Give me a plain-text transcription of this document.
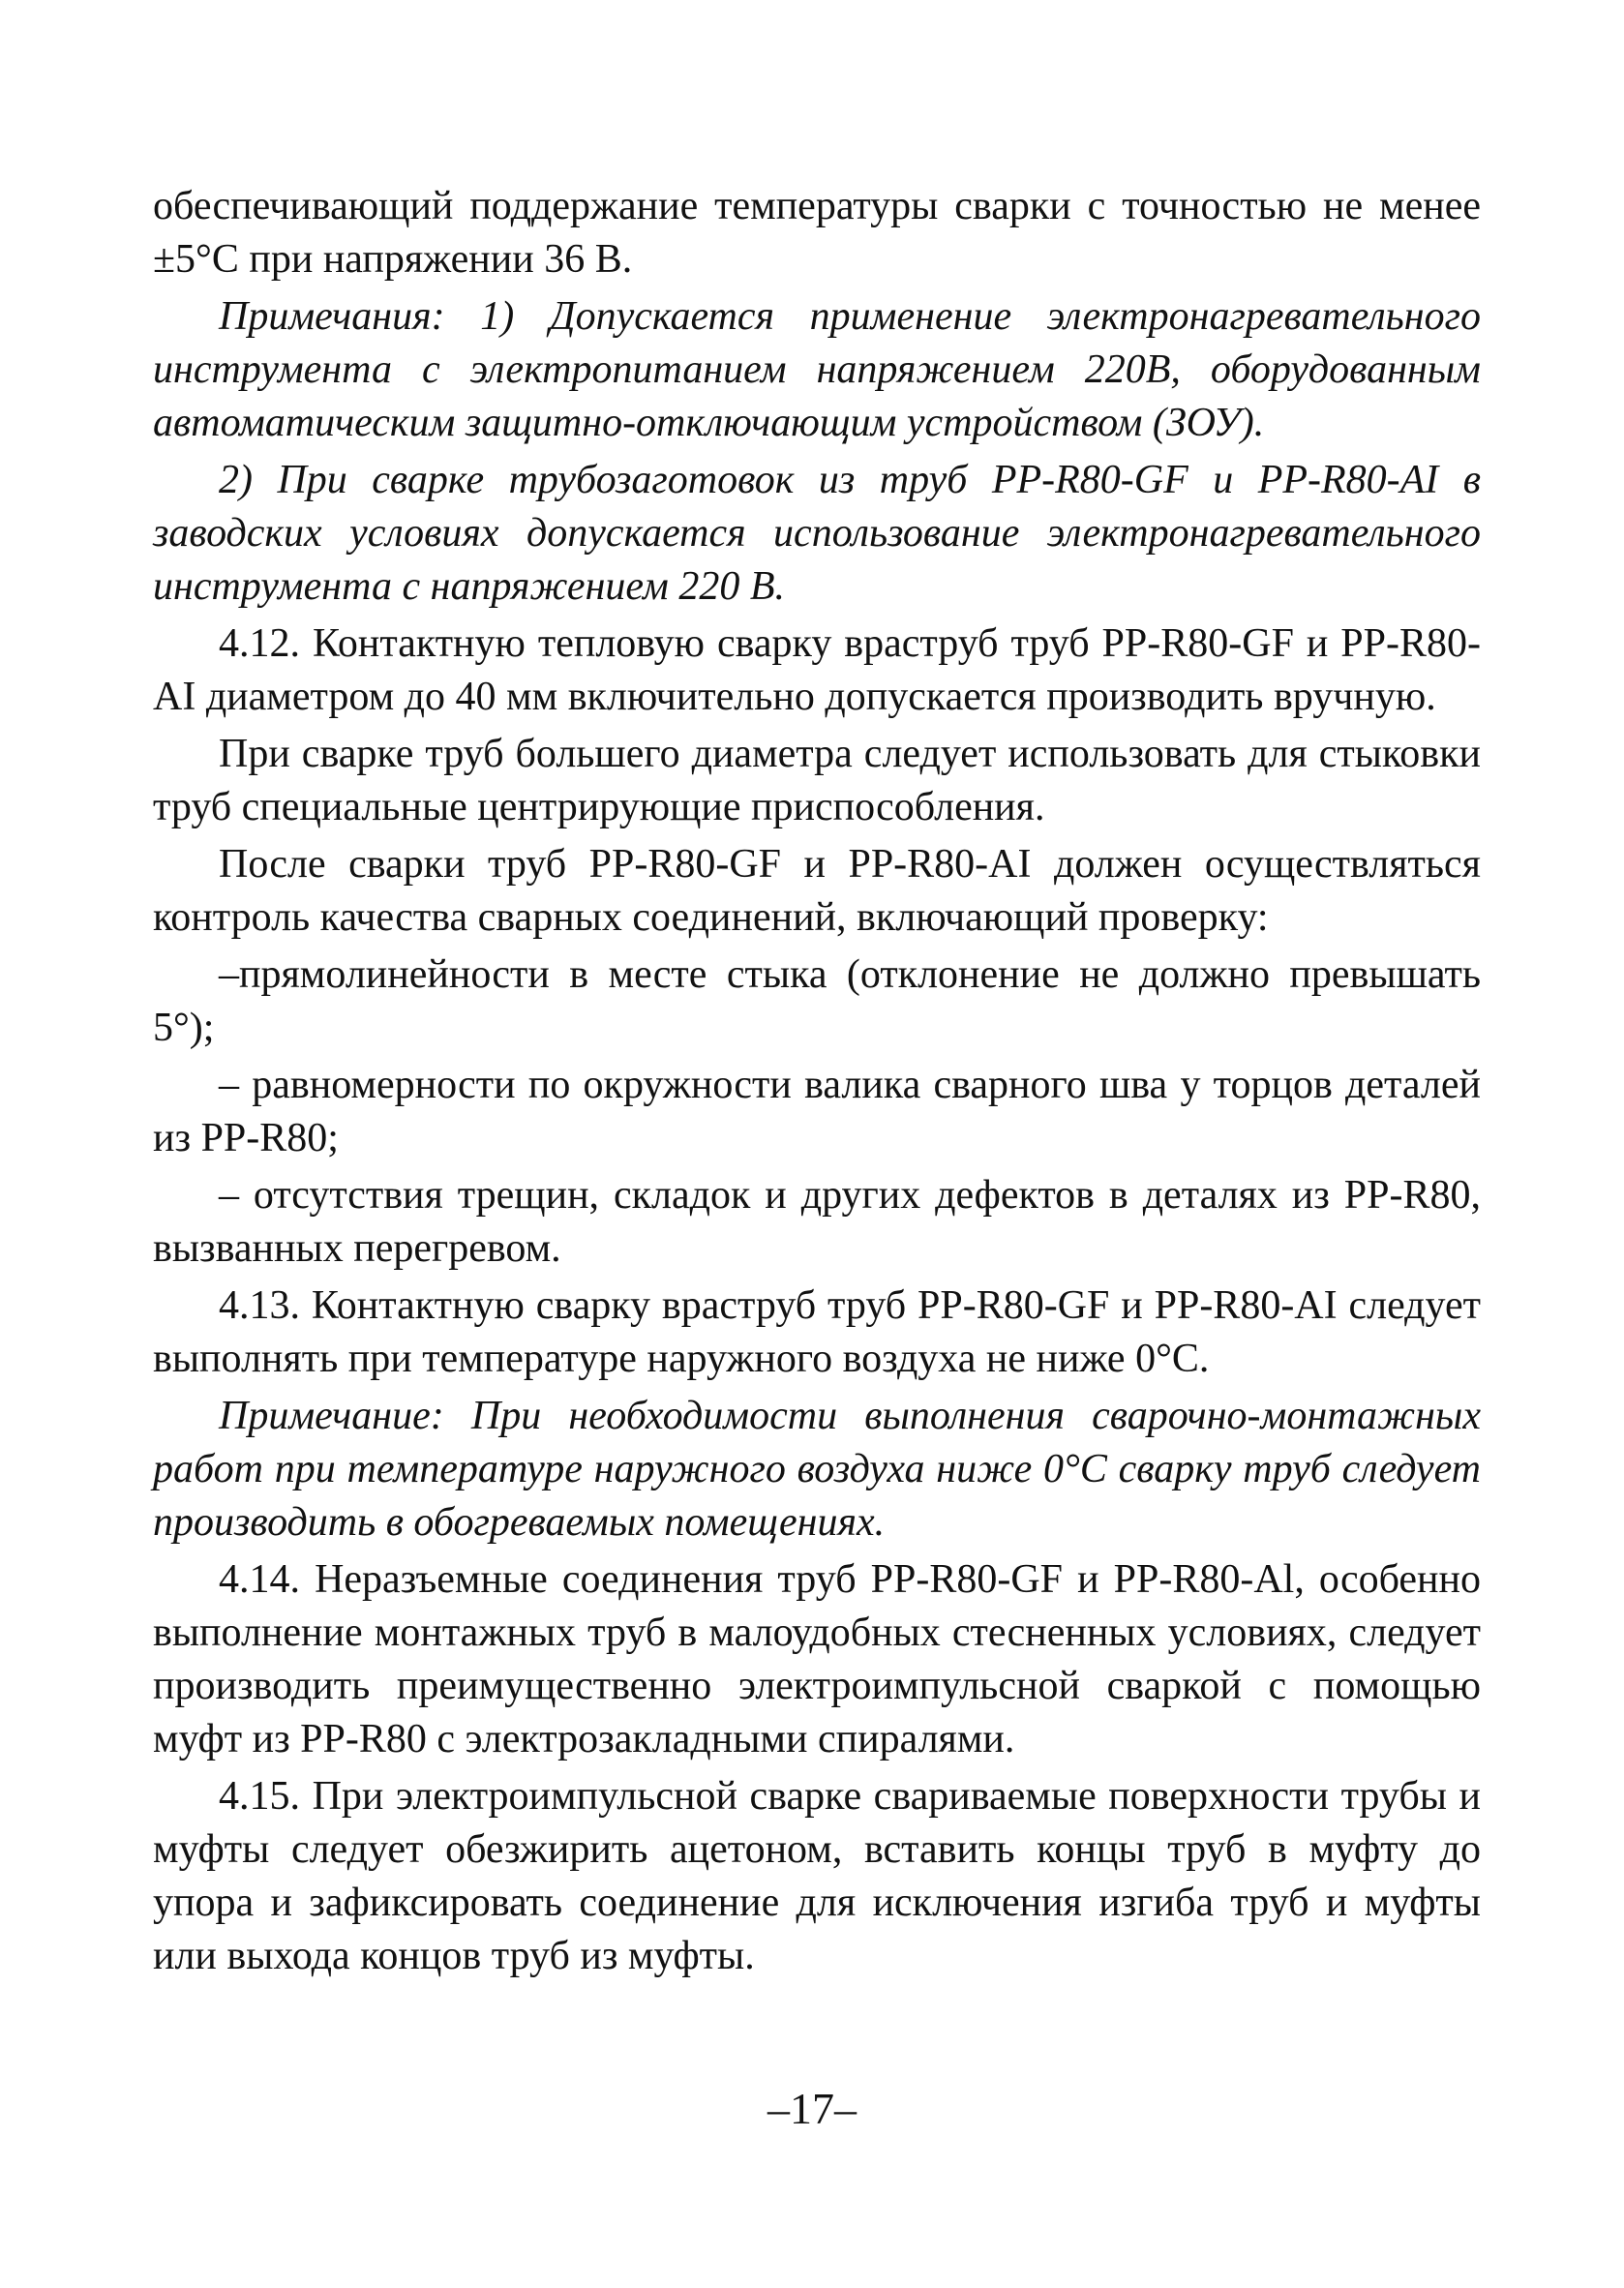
обеспечивающий поддержание температуры сварки с точностью не менее ±5°С при напряжении 36 В.

Примечания: 1) Допускается применение электронагревательного инструмента с электропитанием напряжением 220В, оборудованным автоматическим защитно-отключающим устройством (ЗОУ).

2) При сварке трубозаготовок из труб PP-R80-GF и PP-R80-AI в заводских условиях допускается использование электронагревательного инструмента с напряжением 220 В.

4.12. Контактную тепловую сварку враструб труб PP-R80-GF и PP-R80-AI диаметром до 40 мм включительно допускается производить вручную.

При сварке труб большего диаметра следует использовать для стыковки труб специальные центрирующие приспособления.

После сварки труб PP-R80-GF и PP-R80-AI должен осуществляться контроль качества сварных соединений, включающий проверку:

–прямолинейности в месте стыка (отклонение не должно превышать 5°);

– равномерности по окружности валика сварного шва у торцов деталей из PP-R80;

– отсутствия трещин, складок и других дефектов в деталях из PP-R80, вызванных перегревом.

4.13. Контактную сварку враструб труб PP-R80-GF и PP-R80-AI следует выполнять при температуре наружного воздуха не ниже 0°С.

Примечание: При необходимости выполнения сварочно-монтажных работ при температуре наружного воздуха ниже 0°С сварку труб следует производить в обогреваемых помещениях.

4.14. Неразъемные соединения труб PP-R80-GF и PP-R80-Al, особенно выполнение монтажных труб в малоудобных стесненных условиях, следует производить преимущественно электроимпульсной сваркой с помощью муфт из PP-R80 с электрозакладными спиралями.

4.15. При электроимпульсной сварке свариваемые поверхности трубы и муфты следует обезжирить ацетоном, вставить концы труб в муфту до упора и зафиксировать соединение для исключения изгиба труб и муфты или выхода концов труб из муфты.

–17–
